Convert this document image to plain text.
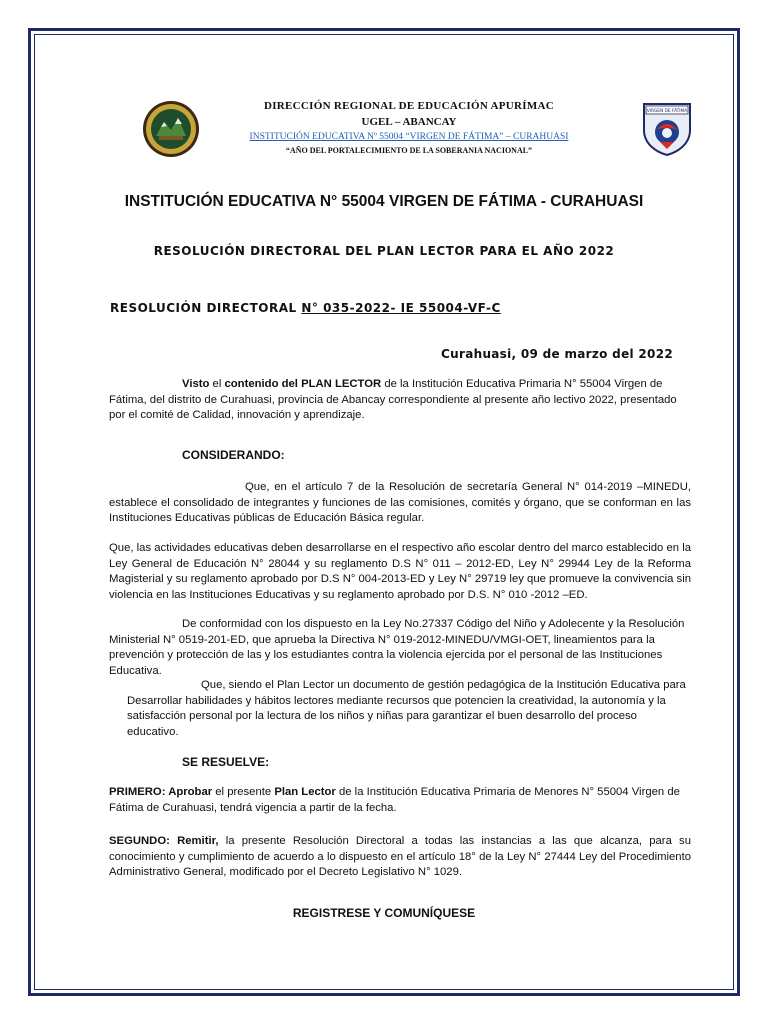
VIRGEN DE FÁTIMA
DIRECCIÓN REGIONAL DE EDUCACIÓN APURÍMAC
UGEL – ABANCAY
INSTITUCIÓN EDUCATIVA Nº 55004 “VIRGEN DE FÁTIMA” – CURAHUASI
“AÑO DEL PORTALECIMIENTO DE LA SOBERANIA NACIONAL”
INSTITUCIÓN EDUCATIVA N° 55004 VIRGEN DE FÁTIMA - CURAHUASI
RESOLUCIÓN DIRECTORAL DEL PLAN LECTOR PARA EL AÑO 2022
RESOLUCIÓN DIRECTORAL N° 035-2022- IE 55004-VF-C
Curahuasi, 09 de marzo del 2022
Visto el contenido del PLAN LECTOR de la Institución Educativa Primaria N° 55004 Virgen de Fátima, del distrito de Curahuasi, provincia de Abancay correspondiente al presente año lectivo 2022, presentado por el comité de Calidad, innovación y aprendizaje.
CONSIDERANDO:
Que, en el artículo 7 de la Resolución de secretaría General N° 014-2019 –MINEDU, establece el consolidado de integrantes y funciones de las comisiones, comités y órgano, que se conforman en las Instituciones Educativas públicas de Educación Básica regular.
Que, las actividades educativas deben desarrollarse en el respectivo año escolar dentro del marco establecido en la Ley General de Educación N° 28044 y su reglamento D.S N° 011 – 2012-ED, Ley N° 29944 Ley de la Reforma Magisterial y su reglamento aprobado por D.S N° 004-2013-ED y Ley N° 29719 ley que promueve la convivencia sin violencia en las Instituciones Educativas y su reglamento aprobado por D.S. N° 010 -2012 –ED.
De conformidad con los dispuesto en la Ley No.27337 Código del Niño y Adolecente y la Resolución Ministerial N° 0519-201-ED, que aprueba la Directiva N° 019-2012-MINEDU/VMGI-OET, lineamientos para la prevención y protección de las y los estudiantes contra la violencia ejercida por el personal de las Instituciones Educativa.
Que, siendo el Plan Lector un documento de gestión pedagógica de la Institución Educativa para Desarrollar habilidades y hábitos lectores mediante recursos que potencien la creatividad, la autonomía y la satisfacción personal por la lectura de los niños y niñas para garantizar el buen desarrollo del proceso educativo.
SE RESUELVE:
PRIMERO: Aprobar el presente Plan Lector de la Institución Educativa Primaria de Menores N° 55004 Virgen de Fátima de Curahuasi, tendrá vigencia a partir de la fecha.
SEGUNDO: Remitir, la presente Resolución Directoral a todas las instancias a las que alcanza, para su conocimiento y cumplimiento de acuerdo a lo dispuesto en el artículo 18° de la Ley N° 27444 Ley del Procedimiento Administrativo General, modificado por el Decreto Legislativo N° 1029.
REGISTRESE Y COMUNÍQUESE
